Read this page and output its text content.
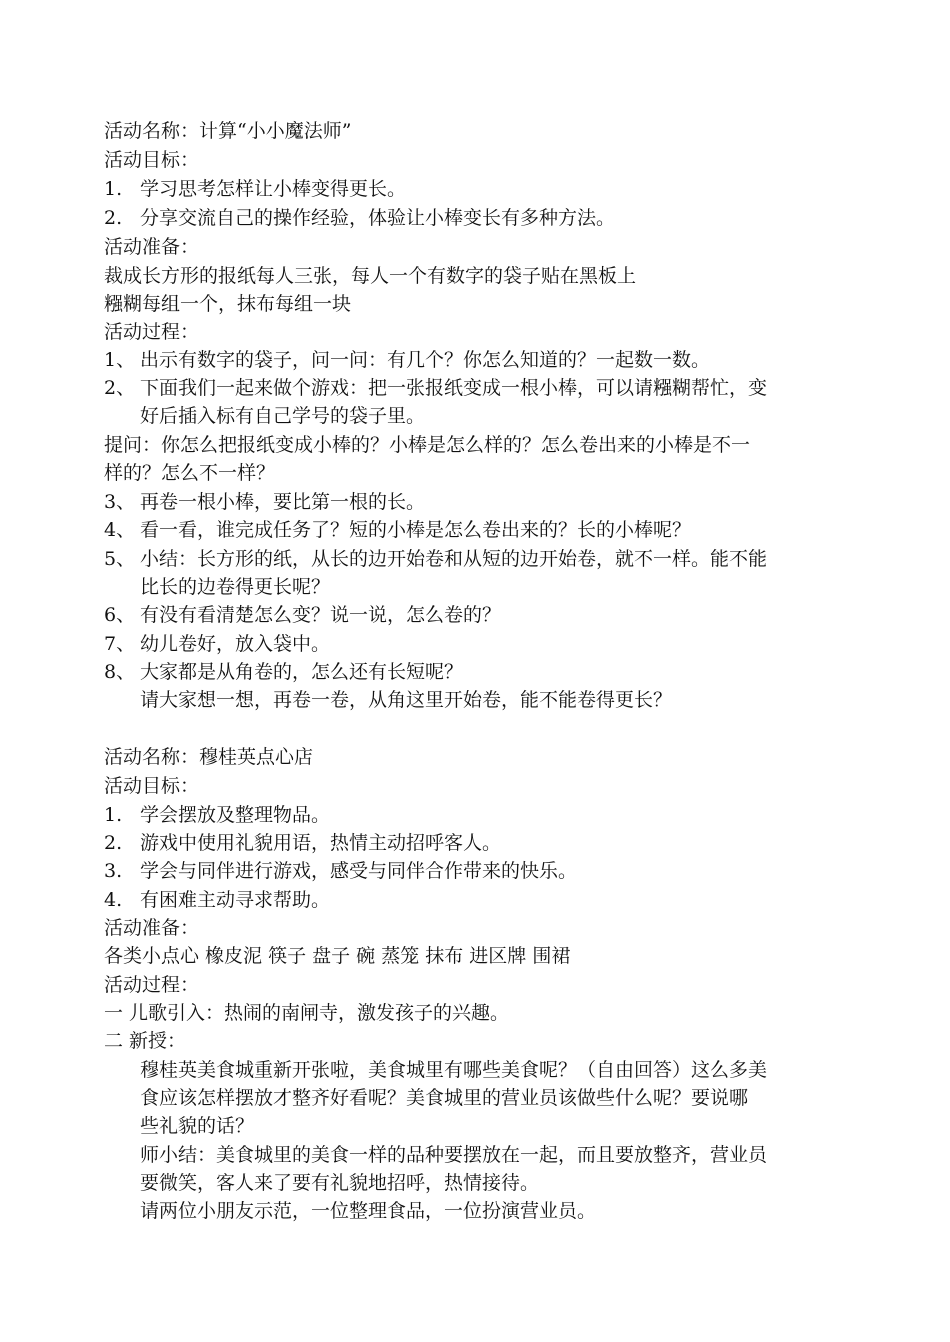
活动名称：计算“小小魔法师”
活动目标：
1. 学习思考怎样让小棒变得更长。
2. 分享交流自己的操作经验，体验让小棒变长有多种方法。
活动准备：
裁成长方形的报纸每人三张，每人一个有数字的袋子贴在黑板上
糨糊每组一个，抹布每组一块
活动过程：
1、 出示有数字的袋子，问一问：有几个？你怎么知道的？一起数一数。
2、 下面我们一起来做个游戏：把一张报纸变成一根小棒，可以请糨糊帮忙，变
好后插入标有自己学号的袋子里。
提问：你怎么把报纸变成小棒的？小棒是怎么样的？怎么卷出来的小棒是不一
样的？怎么不一样？
3、 再卷一根小棒，要比第一根的长。
4、 看一看，谁完成任务了？短的小棒是怎么卷出来的？长的小棒呢？
5、 小结：长方形的纸，从长的边开始卷和从短的边开始卷，就不一样。能不能
比长的边卷得更长呢？
6、 有没有看清楚怎么变？说一说，怎么卷的？
7、 幼儿卷好，放入袋中。
8、 大家都是从角卷的，怎么还有长短呢？
请大家想一想，再卷一卷，从角这里开始卷，能不能卷得更长？
活动名称：穆桂英点心店
活动目标：
1. 学会摆放及整理物品。
2. 游戏中使用礼貌用语，热情主动招呼客人。
3. 学会与同伴进行游戏，感受与同伴合作带来的快乐。
4. 有困难主动寻求帮助。
活动准备：
各类小点心 橡皮泥 筷子 盘子 碗 蒸笼 抹布 进区牌 围裙
活动过程：
一 儿歌引入：热闹的南闸寺，激发孩子的兴趣。
二 新授：
穆桂英美食城重新开张啦，美食城里有哪些美食呢？（自由回答）这么多美
食应该怎样摆放才整齐好看呢？美食城里的营业员该做些什么呢？要说哪
些礼貌的话？
师小结：美食城里的美食一样的品种要摆放在一起，而且要放整齐，营业员
要微笑，客人来了要有礼貌地招呼，热情接待。
请两位小朋友示范，一位整理食品，一位扮演营业员。
